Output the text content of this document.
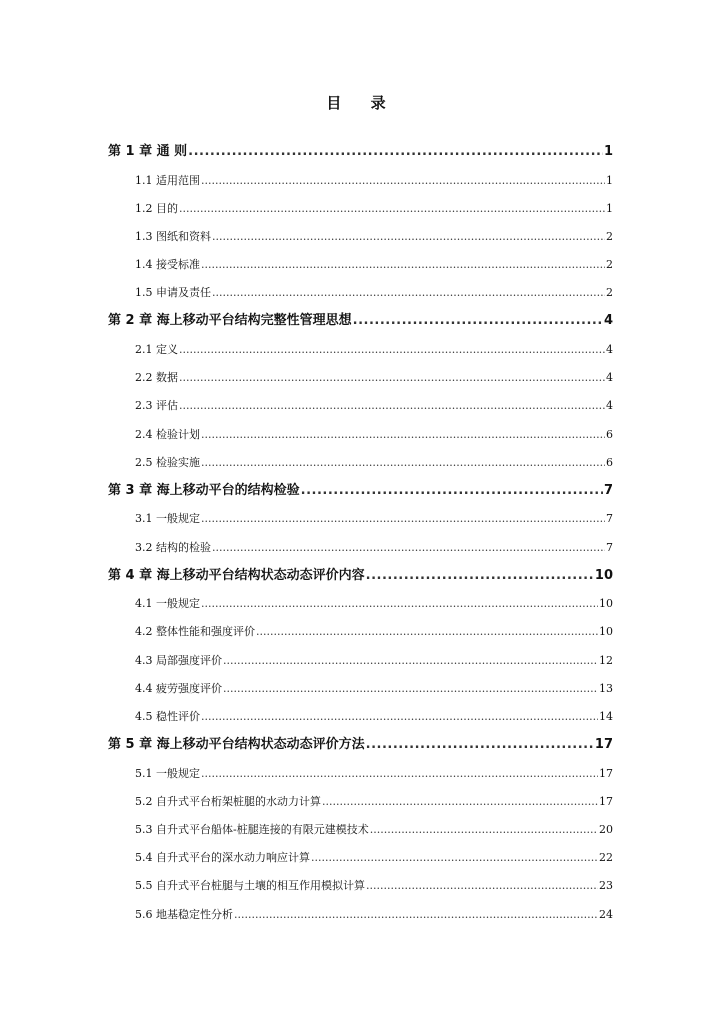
目 录
第 1 章 通 则 .....	1
1.1 适用范围 .....	1
1.2 目的 .....	1
1.3 图纸和资料 .....	2
1.4 接受标准 .....	2
1.5 申请及责任 .....	2
第 2 章 海上移动平台结构完整性管理思想 .....	4
2.1 定义 .....	4
2.2 数据 .....	4
2.3 评估 .....	4
2.4 检验计划 .....	6
2.5 检验实施 .....	6
第 3 章 海上移动平台的结构检验 .....	7
3.1 一般规定 .....	7
3.2 结构的检验 .....	7
第 4 章 海上移动平台结构状态动态评价内容 .....	10
4.1 一般规定 .....	10
4.2 整体性能和强度评价 .....	10
4.3 局部强度评价 .....	12
4.4 疲劳强度评价 .....	13
4.5 稳性评价 .....	14
第 5 章 海上移动平台结构状态动态评价方法 .....	17
5.1 一般规定 .....	17
5.2 自升式平台桁架桩腿的水动力计算 .....	17
5.3 自升式平台船体-桩腿连接的有限元建模技术 .....	20
5.4 自升式平台的深水动力响应计算 .....	22
5.5 自升式平台桩腿与土壤的相互作用模拟计算 .....	23
5.6 地基稳定性分析 .....	24
